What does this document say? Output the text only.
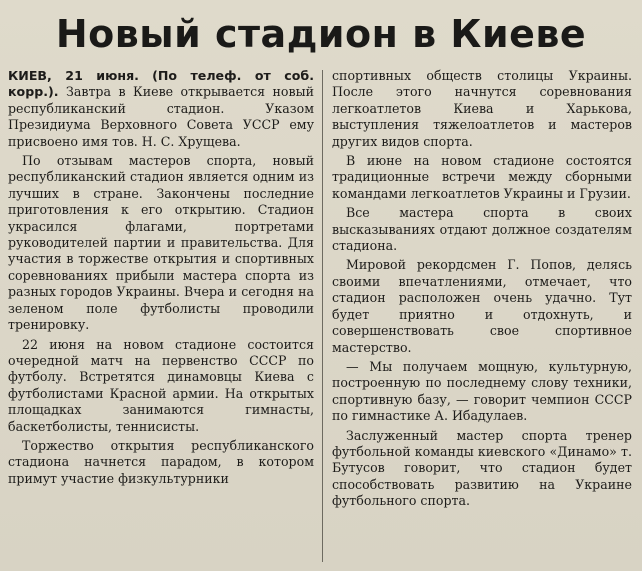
Новый стадион в Киеве

КИЕВ, 21 июня. (По телеф. от соб. корр.). Завтра в Киеве открывается новый республиканский стадион. Указом Президиума Верховного Совета УССР ему присвоено имя тов. Н. С. Хрущева.

По отзывам мастеров спорта, новый республиканский стадион является одним из лучших в стране. Закончены последние приготовления к его открытию. Стадион украсился флагами, портретами руководителей партии и правительства. Для участия в торжестве открытия и спортивных соревнованиях прибыли мастера спорта из разных городов Украины. Вчера и сегодня на зеленом поле футболисты проводили тренировку.

22 июня на новом стадионе состоится очередной матч на первенство СССР по футболу. Встретятся динамовцы Киева с футболистами Красной армии. На открытых площадках занимаются гимнасты, баскетболисты, теннисисты.

Торжество открытия республиканского стадиона начнется парадом, в котором примут участие физкультурники

спортивных обществ столицы Украины. После этого начнутся соревнования легкоатлетов Киева и Харькова, выступления тяжелоатлетов и мастеров других видов спорта.

В июне на новом стадионе состоятся традиционные встречи между сборными командами легкоатлетов Украины и Грузии.

Все мастера спорта в своих высказываниях отдают должное создателям стадиона.

Мировой рекордсмен Г. Попов, делясь своими впечатлениями, отмечает, что стадион расположен очень удачно. Тут будет приятно и отдохнуть, и совершенствовать свое спортивное мастерство.

— Мы получаем мощную, культурную, построенную по последнему слову техники, спортивную базу, — говорит чемпион СССР по гимнастике А. Ибадулаев.

Заслуженный мастер спорта тренер футбольной команды киевского «Динамо» т. Бутусов говорит, что стадион будет способствовать развитию на Украине футбольного спорта.
